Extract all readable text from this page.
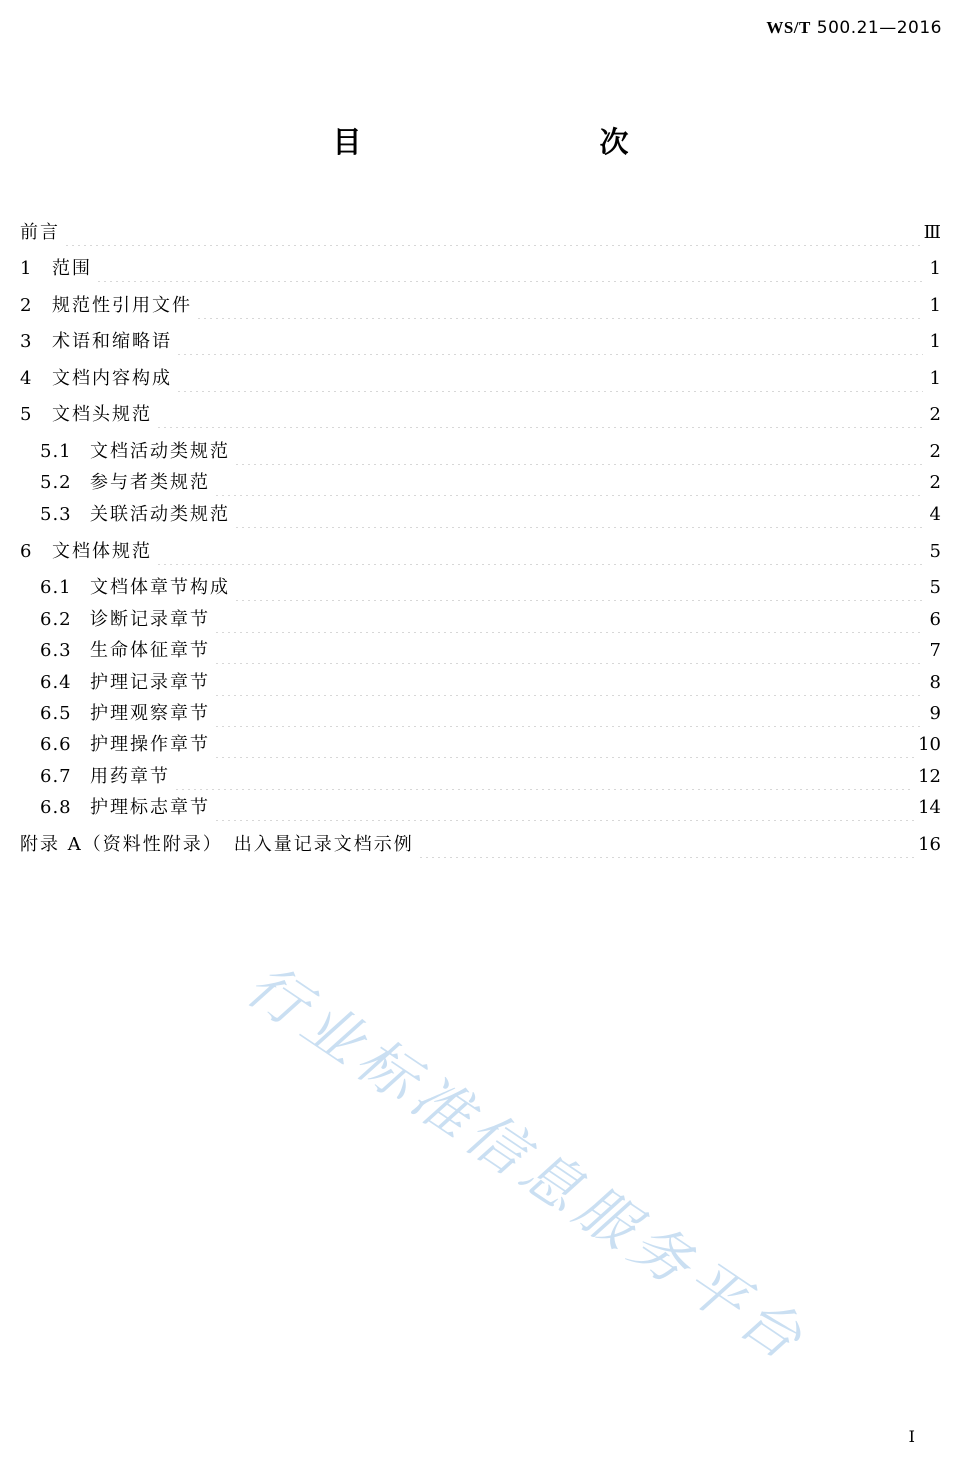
WS/T 500.21—2016
目　　次
前言	Ⅲ
1	范围	1
2	规范性引用文件	1
3	术语和缩略语	1
4	文档内容构成	1
5	文档头规范	2
5.1	文档活动类规范	2
5.2	参与者类规范	2
5.3	关联活动类规范	4
6	文档体规范	5
6.1	文档体章节构成	5
6.2	诊断记录章节	6
6.3	生命体征章节	7
6.4	护理记录章节	8
6.5	护理观察章节	9
6.6	护理操作章节	10
6.7	用药章节	12
6.8	护理标志章节	14
附录 A（资料性附录）　出入量记录文档示例	16
行业标准信息服务平台
I
